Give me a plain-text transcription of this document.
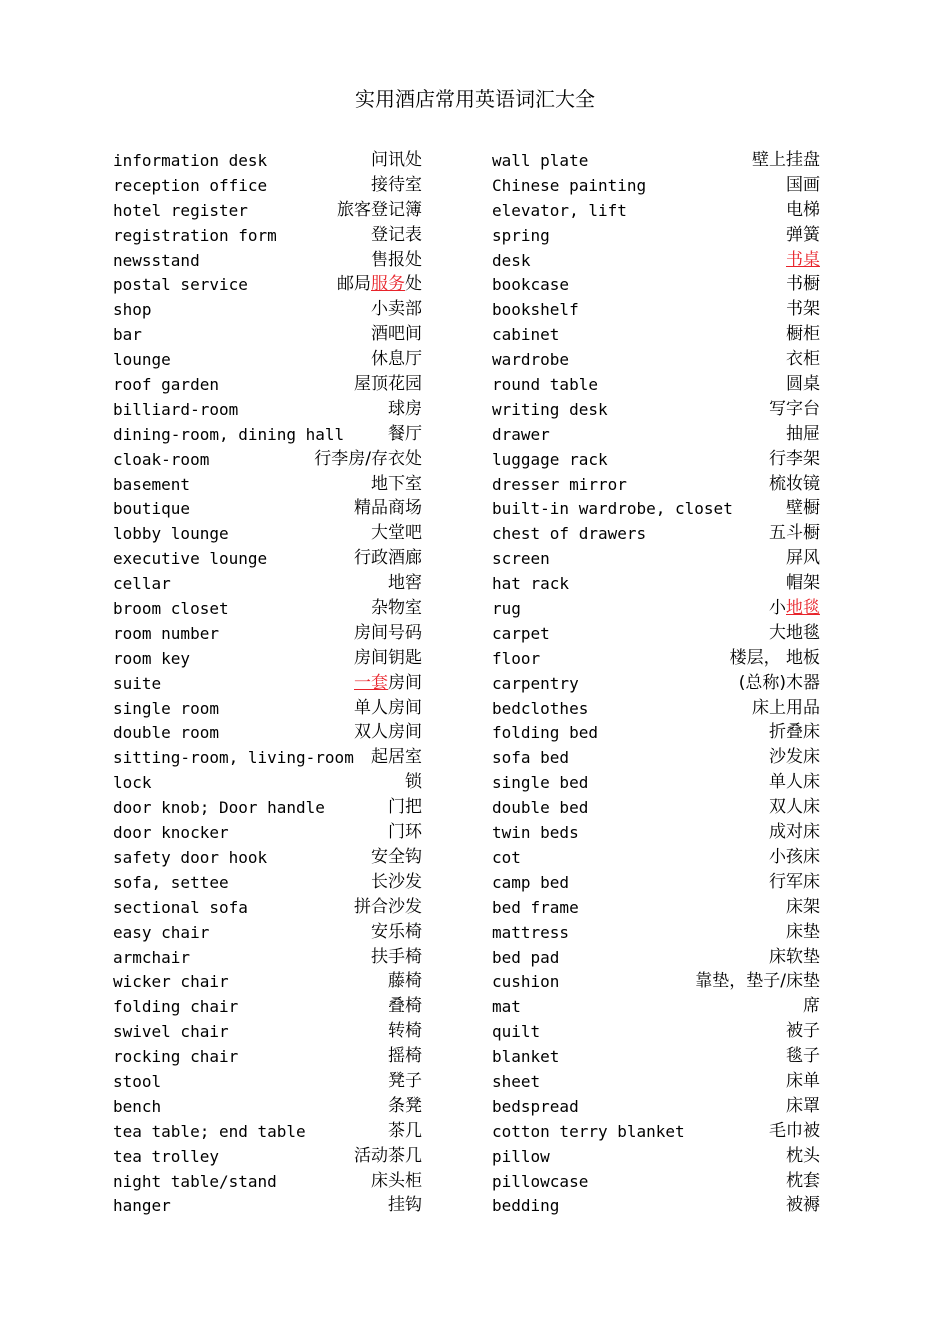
实用酒店常用英语词汇大全
information desk	问讯处
reception office	接待室
hotel register	旅客登记簿
registration form	登记表
newsstand	售报处
postal service	邮局服务处
shop	小卖部
bar	酒吧间
lounge	休息厅
roof garden	屋顶花园
billiard-room	球房
dining-room, dining hall	餐厅
cloak-room	行李房/存衣处
basement	地下室
boutique	精品商场
lobby lounge	大堂吧
executive lounge	行政酒廊
cellar	地窖
broom closet	杂物室
room number	房间号码
room key	房间钥匙
suite	一套房间
single room	单人房间
double room	双人房间
sitting-room, living-room 起居室
lock	锁
door knob; Door handle	门把
door knocker	门环
safety door hook	安全钩
sofa, settee	长沙发
sectional sofa	拼合沙发
easy chair	安乐椅
armchair	扶手椅
wicker chair	藤椅
folding chair	叠椅
swivel chair	转椅
rocking chair	摇椅
stool	凳子
bench	条凳
tea table; end table	茶几
tea trolley	活动茶几
night table/stand	床头柜
hanger	挂钩
wall plate	壁上挂盘
Chinese painting	国画
elevator, lift	电梯
spring	弹簧
desk	书桌
bookcase	书橱
bookshelf	书架
cabinet	橱柜
wardrobe	衣柜
round table	圆桌
writing desk	写字台
drawer	抽屉
luggage rack	行李架
dresser mirror	梳妆镜
built-in wardrobe, closet	壁橱
chest of drawers	五斗橱
screen	屏风
hat rack	帽架
rug	小地毯
carpet	大地毯
floor	楼层， 地板
carpentry	(总称)木器
bedclothes	床上用品
folding bed	折叠床
sofa bed	沙发床
single bed	单人床
double bed	双人床
twin beds	成对床
cot	小孩床
camp bed	行军床
bed frame	床架
mattress	床垫
bed pad	床软垫
cushion	靠垫，垫子/床垫
mat	席
quilt	被子
blanket	毯子
sheet	床单
bedspread	床罩
cotton terry blanket	毛巾被
pillow	枕头
pillowcase	枕套
bedding	被褥
